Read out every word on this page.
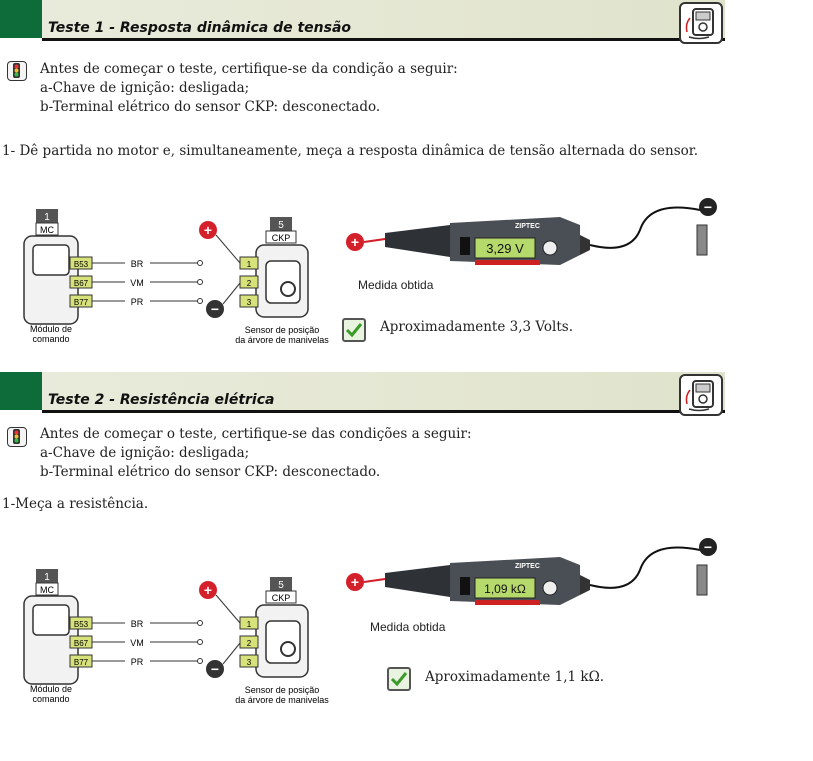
Teste 1 - Resposta dinâmica de tensão
Antes de começar o teste, certifique-se da condição a seguir:
a-Chave de ignição: desligada;
b-Terminal elétrico do sensor CKP: desconectado.
1- Dê partida no motor e, simultaneamente, meça a resposta dinâmica de tensão alternada do sensor.
1
MC
B53
B67
B77
Módulo de
comando
BR
VM
PR
+
−
5
CKP
1
2
3
Sensor de posição
da árvore de manivelas
+
ZIPTEC
3,29 V
−
Medida obtida
Aproximadamente 3,3 Volts.
Teste 2 - Resistência elétrica
Antes de começar o teste, certifique-se das condições a seguir:
a-Chave de ignição: desligada;
b-Terminal elétrico do sensor CKP: desconectado.
1-Meça a resistência.
1
MC
B53
B67
B77
Módulo de
comando
BR
VM
PR
+
−
5
CKP
1
2
3
Sensor de posição
da árvore de manivelas
+
ZIPTEC
1,09 kΩ
−
Medida obtida
Aproximadamente 1,1 kΩ.
